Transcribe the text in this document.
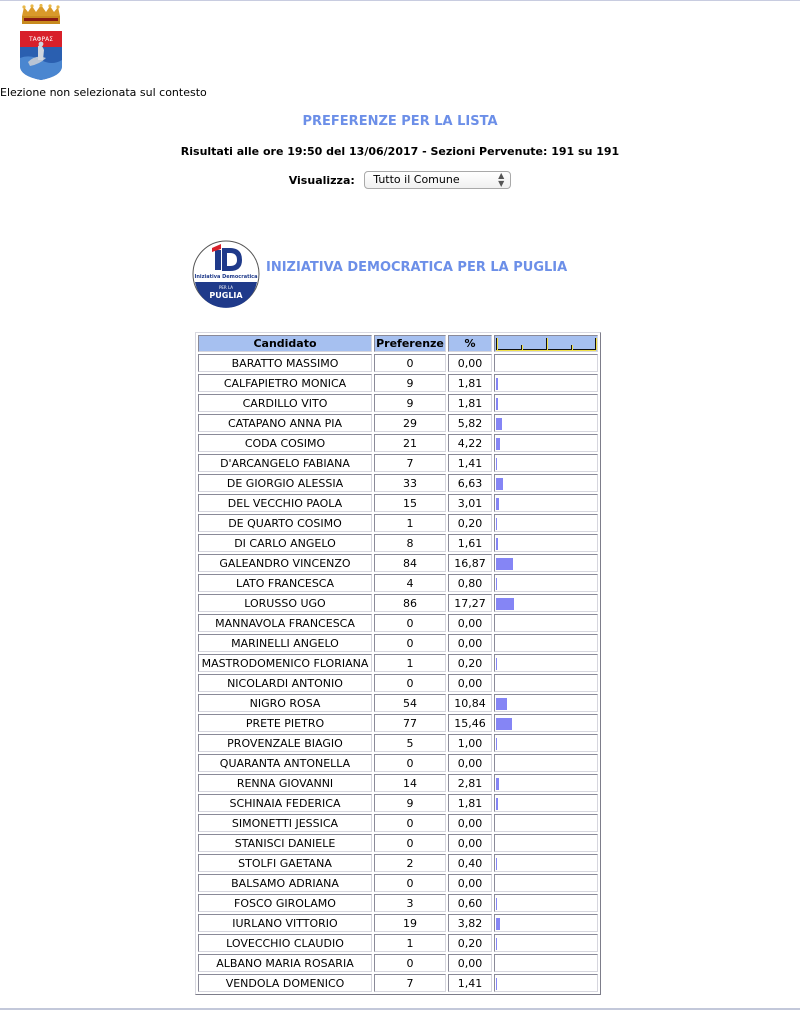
ΤΑΦΡΑΣ
Elezione non selezionata sul contesto
PREFERENZE PER LA LISTA
Risultati alle ore 19:50 del 13/06/2017 - Sezioni Pervenute: 191 su 191
Visualizza: Tutto il Comune	▲
▼
Iniziativa Democratica
PER LA
PUGLIA
INIZIATIVA DEMOCRATICA PER LA PUGLIA
Candidato	Preferenze	%	

BARATTO MASSIMO	0	0,00	
CALFAPIETRO MONICA	9	1,81	
CARDILLO VITO	9	1,81	
CATAPANO ANNA PIA	29	5,82	
CODA COSIMO	21	4,22	
D'ARCANGELO FABIANA	7	1,41	
DE GIORGIO ALESSIA	33	6,63	
DEL VECCHIO PAOLA	15	3,01	
DE QUARTO COSIMO	1	0,20	
DI CARLO ANGELO	8	1,61	
GALEANDRO VINCENZO	84	16,87	
LATO FRANCESCA	4	0,80	
LORUSSO UGO	86	17,27	
MANNAVOLA FRANCESCA	0	0,00	
MARINELLI ANGELO	0	0,00	
MASTRODOMENICO FLORIANA	1	0,20	
NICOLARDI ANTONIO	0	0,00	
NIGRO ROSA	54	10,84	
PRETE PIETRO	77	15,46	
PROVENZALE BIAGIO	5	1,00	
QUARANTA ANTONELLA	0	0,00	
RENNA GIOVANNI	14	2,81	
SCHINAIA FEDERICA	9	1,81	
SIMONETTI JESSICA	0	0,00	
STANISCI DANIELE	0	0,00	
STOLFI GAETANA	2	0,40	
BALSAMO ADRIANA	0	0,00	
FOSCO GIROLAMO	3	0,60	
IURLANO VITTORIO	19	3,82	
LOVECCHIO CLAUDIO	1	0,20	
ALBANO MARIA ROSARIA	0	0,00	
VENDOLA DOMENICO	7	1,41	
